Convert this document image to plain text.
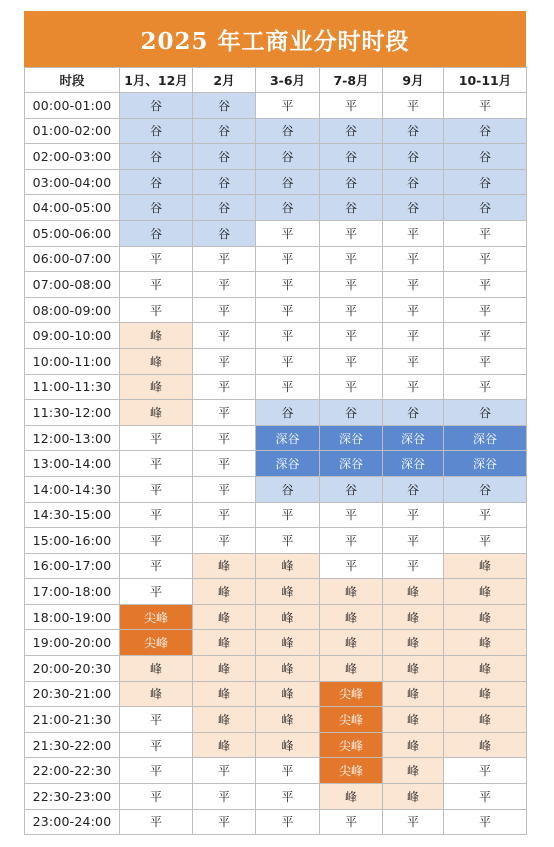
2025 年工商业分时时段
时段	1月、12月	2月	3-6月	7-8月	9月	10-11月
00:00-01:00	谷	谷	平	平	平	平
01:00-02:00	谷	谷	谷	谷	谷	谷
02:00-03:00	谷	谷	谷	谷	谷	谷
03:00-04:00	谷	谷	谷	谷	谷	谷
04:00-05:00	谷	谷	谷	谷	谷	谷
05:00-06:00	谷	谷	平	平	平	平
06:00-07:00	平	平	平	平	平	平
07:00-08:00	平	平	平	平	平	平
08:00-09:00	平	平	平	平	平	平
09:00-10:00	峰	平	平	平	平	平
10:00-11:00	峰	平	平	平	平	平
11:00-11:30	峰	平	平	平	平	平
11:30-12:00	峰	平	谷	谷	谷	谷
12:00-13:00	平	平	深谷	深谷	深谷	深谷
13:00-14:00	平	平	深谷	深谷	深谷	深谷
14:00-14:30	平	平	谷	谷	谷	谷
14:30-15:00	平	平	平	平	平	平
15:00-16:00	平	平	平	平	平	平
16:00-17:00	平	峰	峰	平	平	峰
17:00-18:00	平	峰	峰	峰	峰	峰
18:00-19:00	尖峰	峰	峰	峰	峰	峰
19:00-20:00	尖峰	峰	峰	峰	峰	峰
20:00-20:30	峰	峰	峰	峰	峰	峰
20:30-21:00	峰	峰	峰	尖峰	峰	峰
21:00-21:30	平	峰	峰	尖峰	峰	峰
21:30-22:00	平	峰	峰	尖峰	峰	峰
22:00-22:30	平	平	平	尖峰	峰	平
22:30-23:00	平	平	平	峰	峰	平
23:00-24:00	平	平	平	平	平	平
